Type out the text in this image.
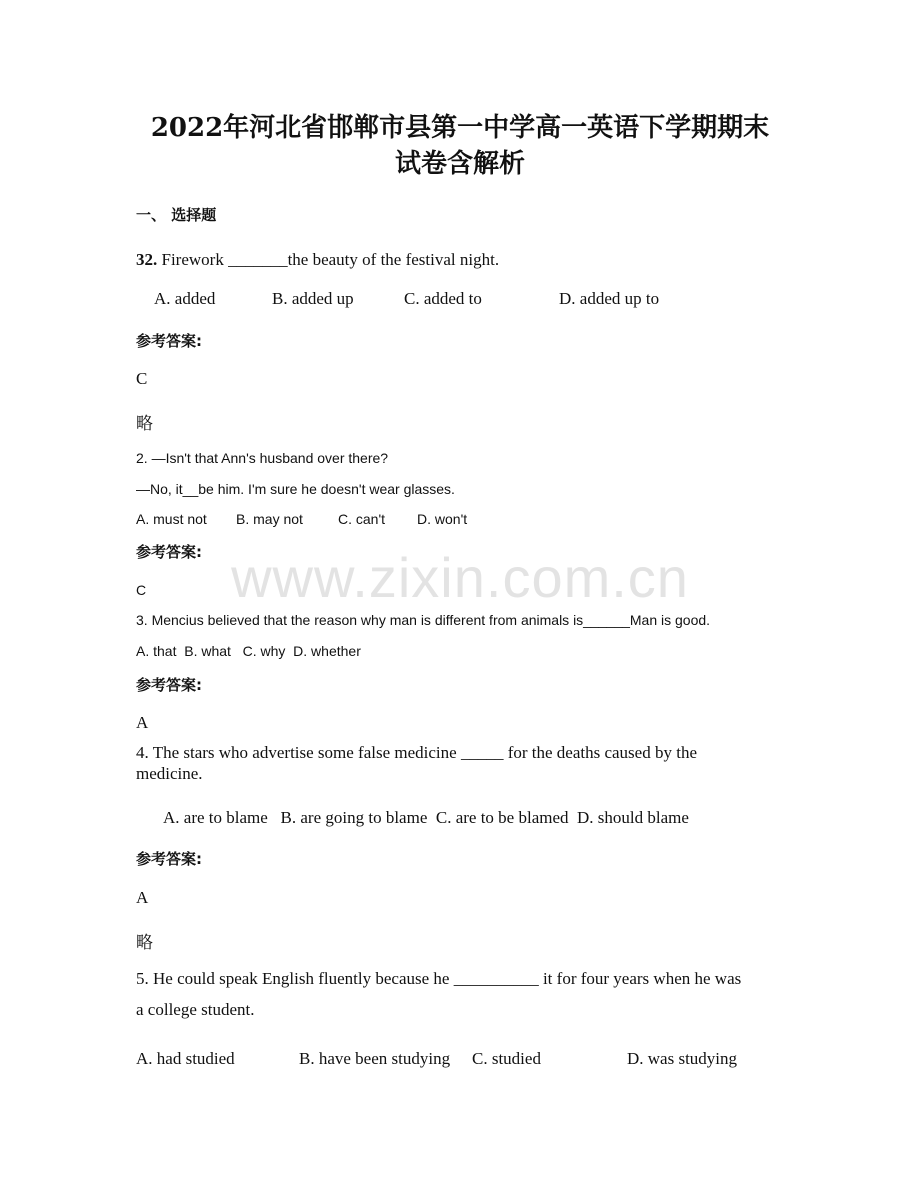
www.zixin.com.cn
2022年河北省邯郸市县第一中学高一英语下学期期末
试卷含解析
一、 选择题
32. Firework _______the beauty of the festival night.
A. added	B. added up	C. added to	D. added up to
参考答案:
C
略
2. —Isn't that Ann's husband over there?
—No, it__be him. I'm sure he doesn't wear glasses.
A. must not B. may not	C. can't D. won't
参考答案:
C
3. Mencius believed that the reason why man is different from animals is______Man is good.
A. that  B. what   C. why  D. whether
参考答案:
A
4. The stars who advertise some false medicine _____ for the deaths caused by the
medicine.
A. are to blame   B. are going to blame  C. are to be blamed  D. should blame
参考答案:
A
略
5. He could speak English fluently because he __________ it for four years when he was
a college student.
A. had studied	B. have been studying C. studied	D. was studying
